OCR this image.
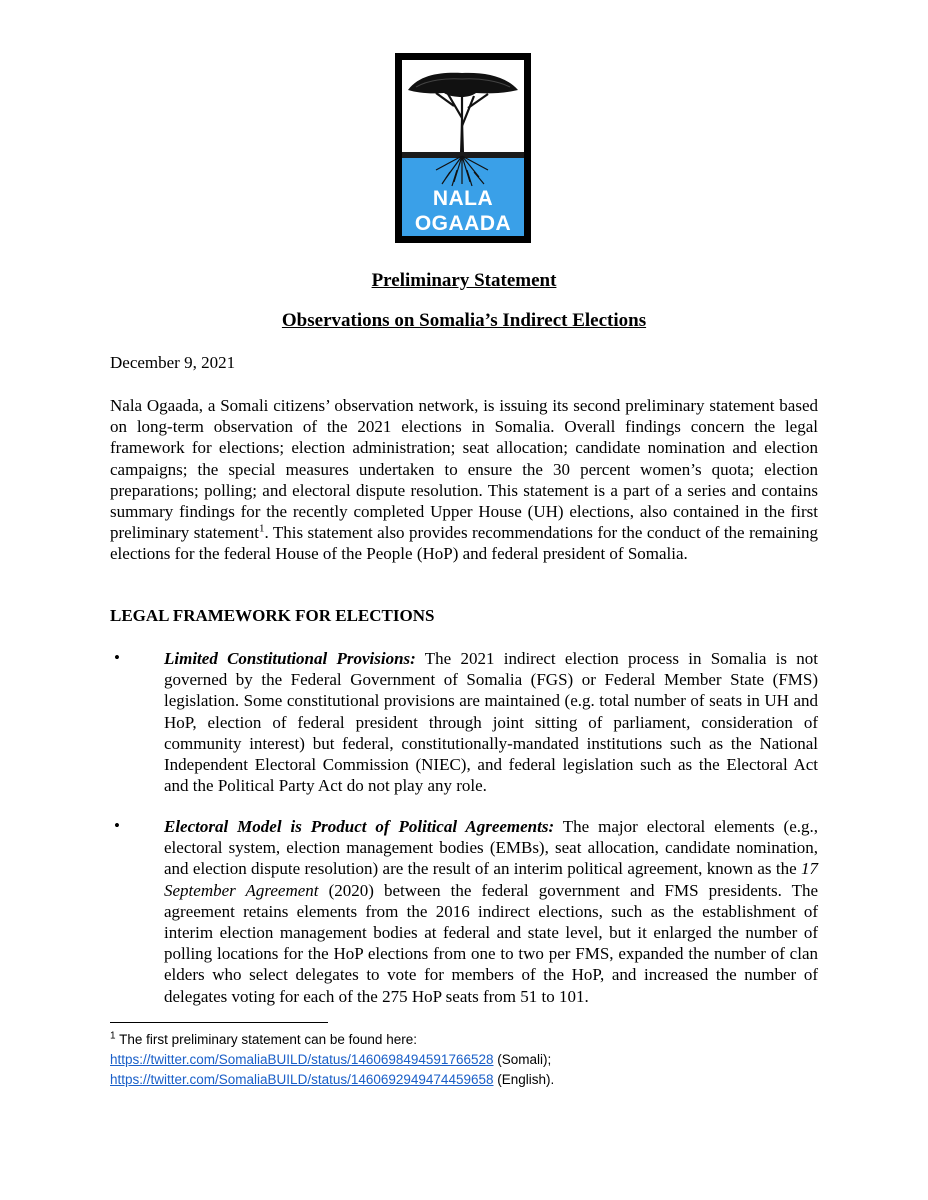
NALA
OGAADA
Preliminary Statement
Observations on Somalia’s Indirect Elections

December 9, 2021

Nala Ogaada, a Somali citizens’ observation network, is issuing its second preliminary statement based on long-term observation of the 2021 elections in Somalia. Overall findings concern the legal framework for elections; election administration; seat allocation; candidate nomination and election campaigns; the special measures undertaken to ensure the 30 percent women’s quota; election preparations; polling; and electoral dispute resolution. This statement is a part of a series and contains summary findings for the recently completed Upper House (UH) elections, also contained in the first preliminary statement$^1$. This statement also provides recommendations for the conduct of the remaining elections for the federal House of the People (HoP) and federal president of Somalia.

LEGAL FRAMEWORK FOR ELECTIONS
•	Limited Constitutional Provisions: The 2021 indirect election process in Somalia is not governed by the Federal Government of Somalia (FGS) or Federal Member State (FMS) legislation. Some constitutional provisions are maintained (e.g. total number of seats in UH and HoP, election of federal president through joint sitting of parliament, consideration of community interest) but federal, constitutionally-mandated institutions such as the National Independent Electoral Commission (NIEC), and federal legislation such as the Electoral Act and the Political Party Act do not play any role.

•	Electoral Model is Product of Political Agreements: The major electoral elements (e.g., electoral system, election management bodies (EMBs), seat allocation, candidate nomination, and election dispute resolution) are the result of an interim political agreement, known as the 17 September Agreement (2020) between the federal government and FMS presidents. The agreement retains elements from the 2016 indirect elections, such as the establishment of interim election management bodies at federal and state level, but it enlarged the number of polling locations for the HoP elections from one to two per FMS, expanded the number of clan elders who select delegates to vote for members of the HoP, and increased the number of delegates voting for each of the 275 HoP seats from 51 to 101.

$^1$ The first preliminary statement can be found here:
https://twitter.com/SomaliaBUILD/status/1460698494591766528 (Somali);
https://twitter.com/SomaliaBUILD/status/1460692949474459658 (English).
